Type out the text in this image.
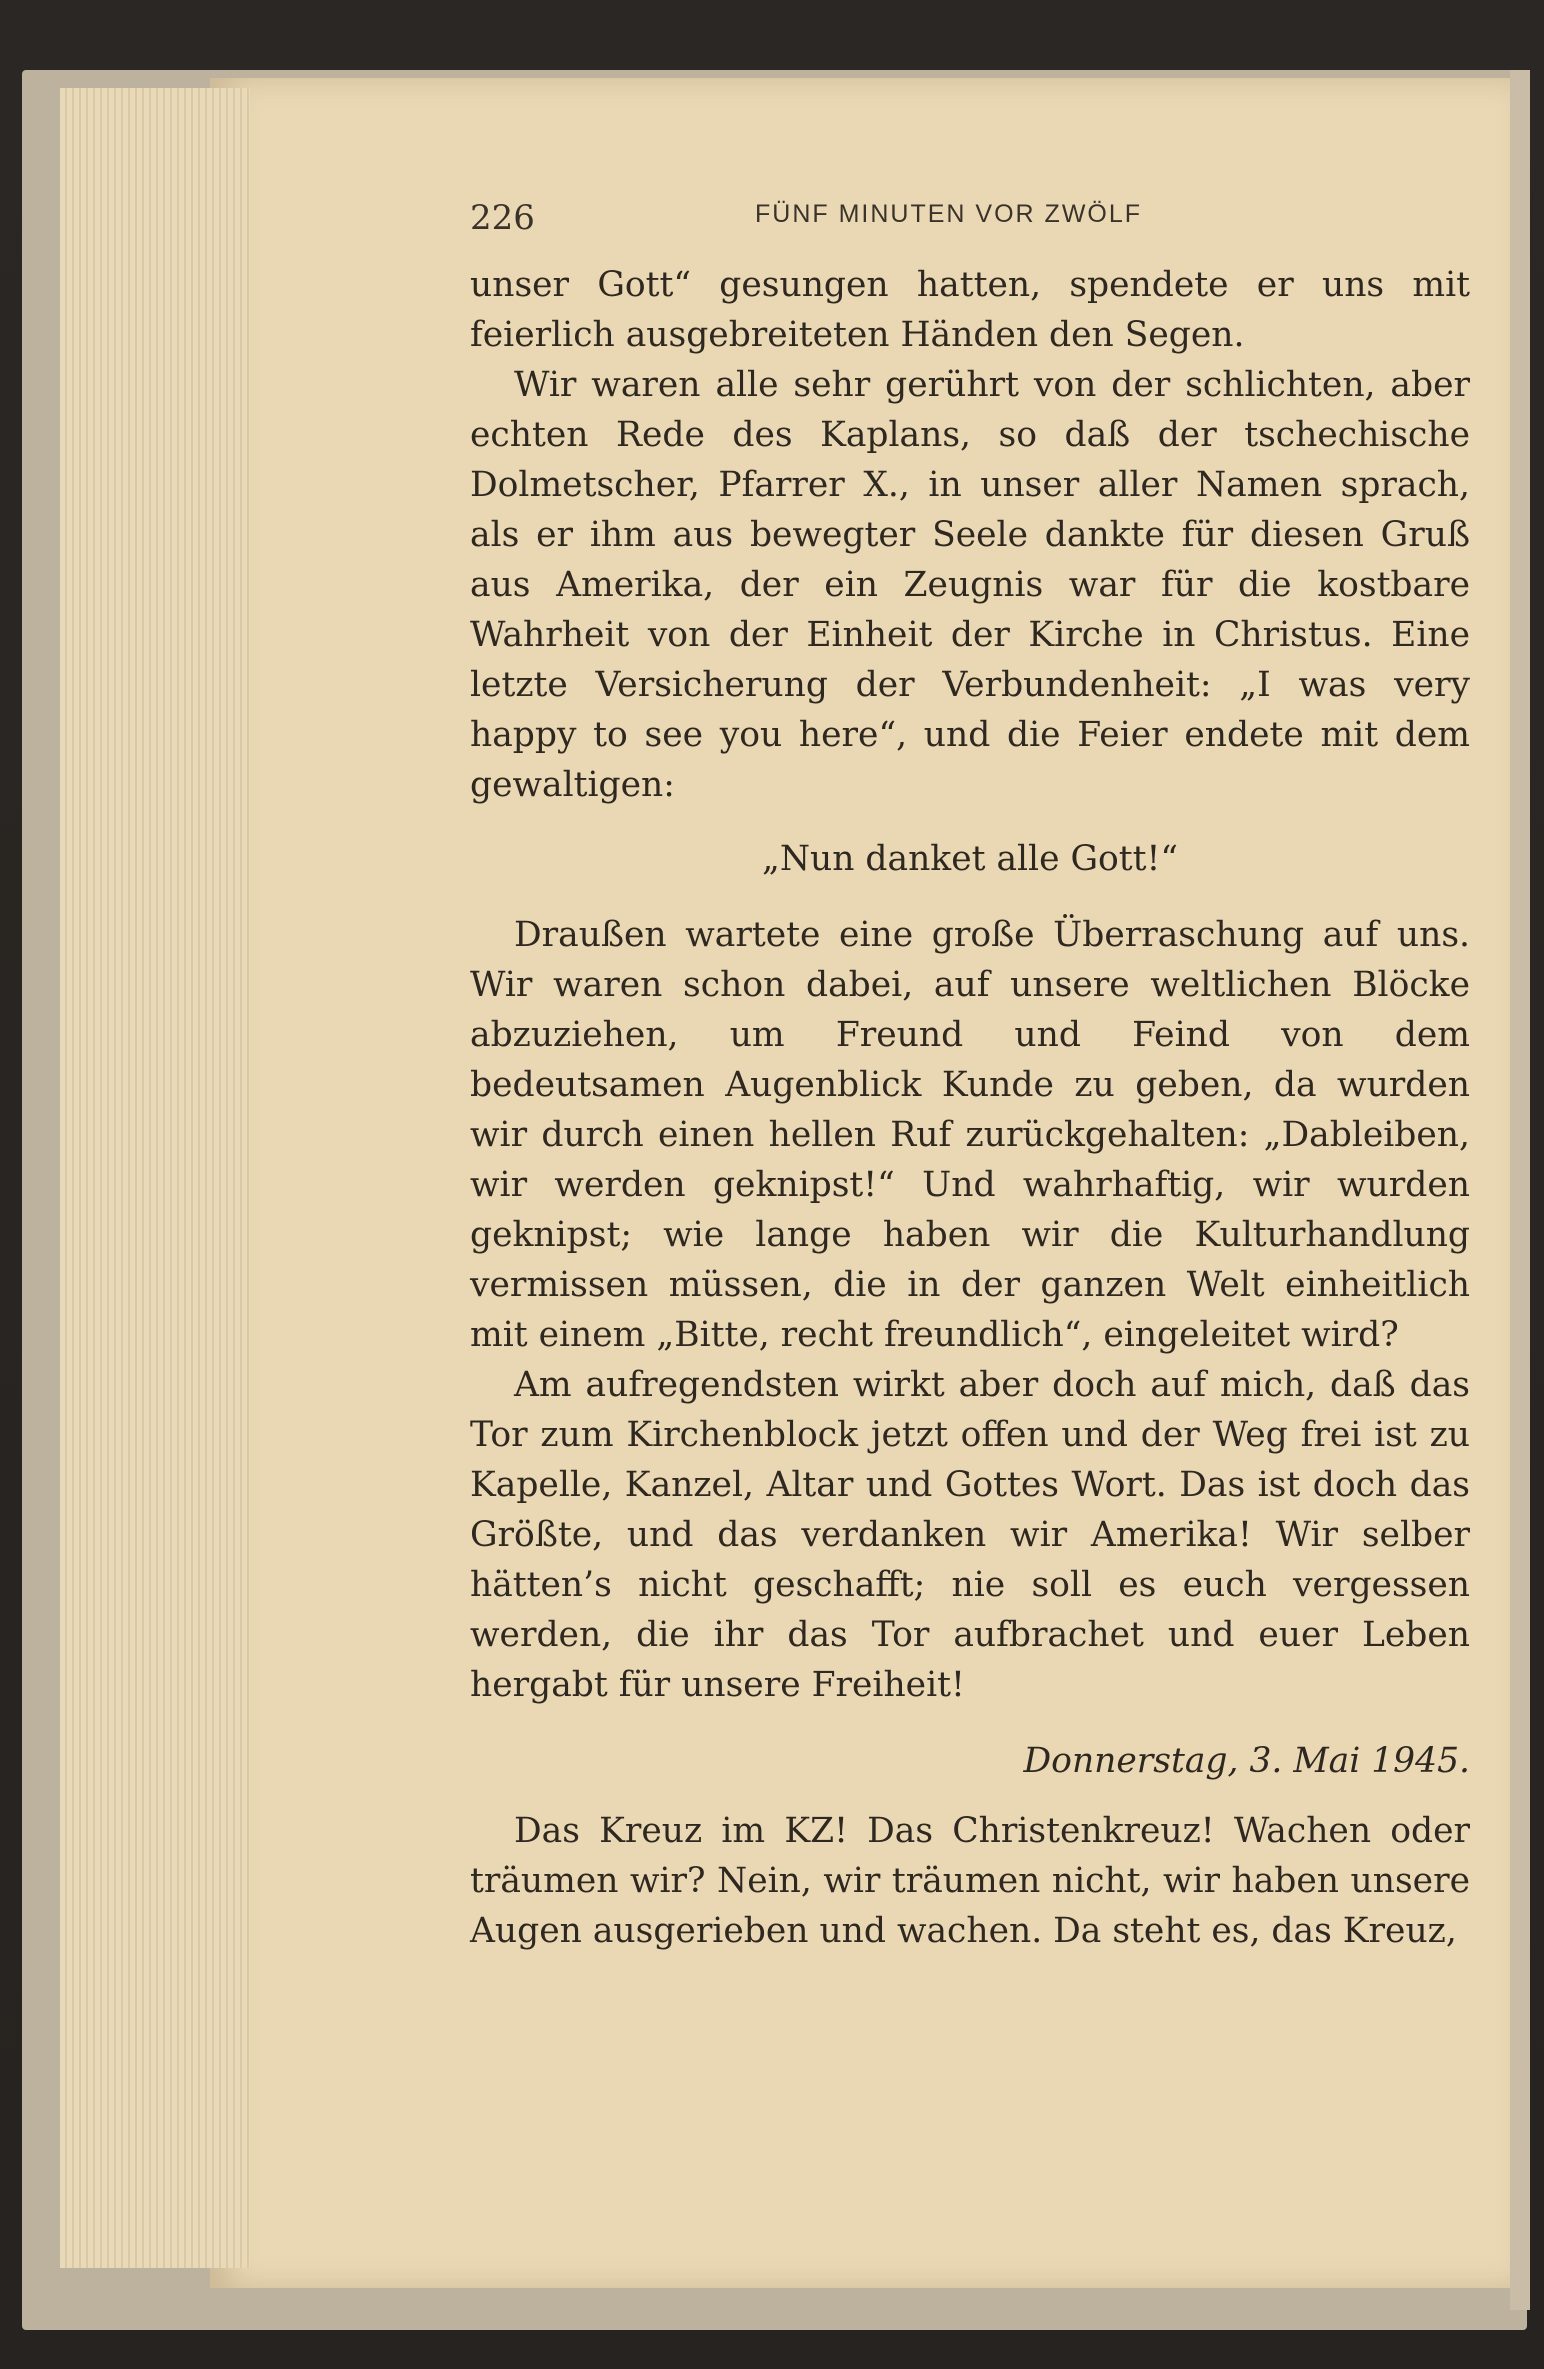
226	FÜNF MINUTEN VOR ZWÖLF

unser Gott“ gesungen hatten, spendete er uns mit feierlich ausgebreiteten Händen den Segen.

Wir waren alle sehr gerührt von der schlichten, aber echten Rede des Kaplans, so daß der tschechische Dolmetscher, Pfarrer X., in unser aller Namen sprach, als er ihm aus bewegter Seele dankte für diesen Gruß aus Amerika, der ein Zeugnis war für die kostbare Wahrheit von der Einheit der Kirche in Christus. Eine letzte Versicherung der Verbundenheit: „I was very happy to see you here“, und die Feier endete mit dem gewaltigen:

„Nun danket alle Gott!“

Draußen wartete eine große Überraschung auf uns. Wir waren schon dabei, auf unsere weltlichen Blöcke abzuziehen, um Freund und Feind von dem bedeutsamen Augenblick Kunde zu geben, da wurden wir durch einen hellen Ruf zurückgehalten: „Dableiben, wir werden geknipst!“ Und wahrhaftig, wir wurden geknipst; wie lange haben wir die Kulturhandlung vermissen müssen, die in der ganzen Welt einheitlich mit einem „Bitte, recht freundlich“, eingeleitet wird?

Am aufregendsten wirkt aber doch auf mich, daß das Tor zum Kirchenblock jetzt offen und der Weg frei ist zu Kapelle, Kanzel, Altar und Gottes Wort. Das ist doch das Größte, und das verdanken wir Amerika! Wir selber hätten’s nicht geschafft; nie soll es euch vergessen werden, die ihr das Tor aufbrachet und euer Leben hergabt für unsere Freiheit!

Donnerstag, 3. Mai 1945.

Das Kreuz im KZ! Das Christenkreuz! Wachen oder träumen wir? Nein, wir träumen nicht, wir haben unsere Augen ausgerieben und wachen. Da steht es, das Kreuz,
